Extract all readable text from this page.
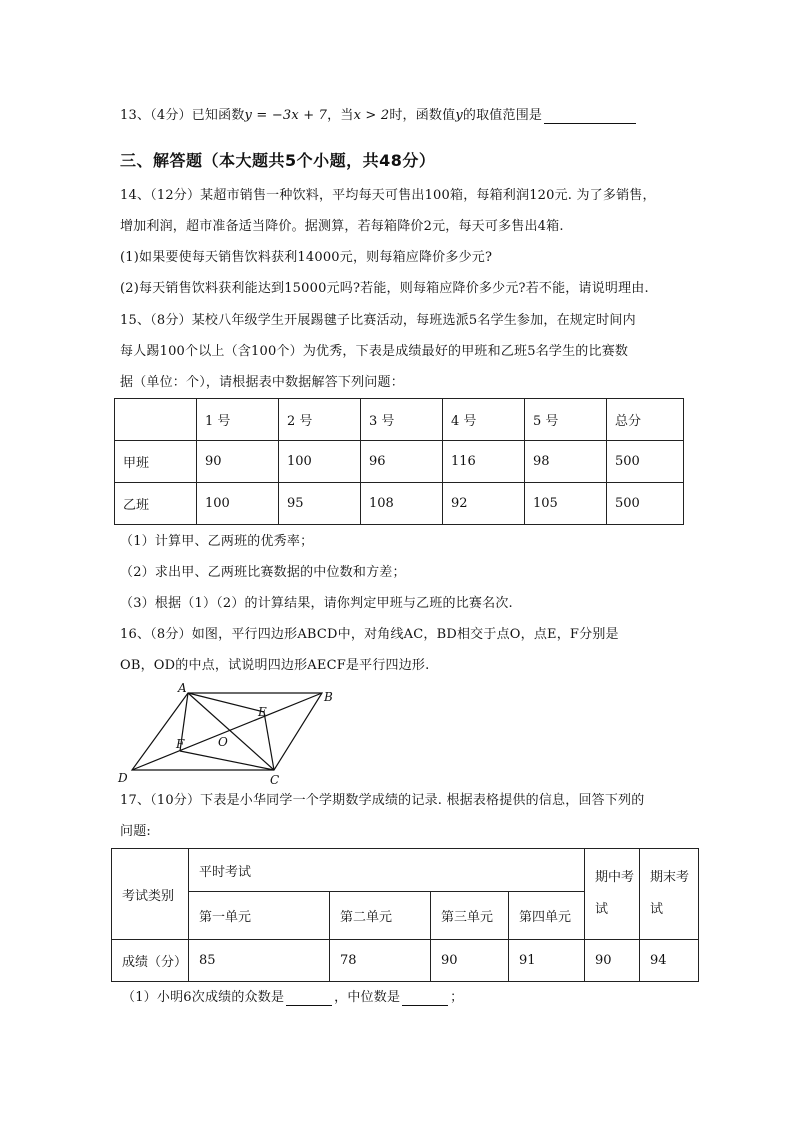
13、（4分）已知函数y = −3x + 7，当x > 2时，函数值y的取值范围是
三、解答题（本大题共5个小题，共48分）
14、（12分）某超市销售一种饮料，平均每天可售出100箱，每箱利润120元. 为了多销售，
增加利润，超市准备适当降价。据测算，若每箱降价2元，每天可多售出4箱.
(1)如果要使每天销售饮料获利14000元，则每箱应降价多少元?
(2)每天销售饮料获利能达到15000元吗?若能，则每箱应降价多少元?若不能，请说明理由.
15、（8分）某校八年级学生开展踢毽子比赛活动，每班选派5名学生参加，在规定时间内
每人踢100个以上（含100个）为优秀，下表是成绩最好的甲班和乙班5名学生的比赛数
据（单位：个），请根据表中数据解答下列问题：
	1 号	2 号	3 号	4 号	5 号	总分
甲班	90	100	96	116	98	500
乙班	100	95	108	92	105	500
（1）计算甲、乙两班的优秀率；
（2）求出甲、乙两班比赛数据的中位数和方差；
（3）根据（1）（2）的计算结果，请你判定甲班与乙班的比赛名次.
16、（8分）如图，平行四边形ABCD中，对角线AC，BD相交于点O，点E，F分别是
OB，OD的中点，试说明四边形AECF是平行四边形.
A
B
C
D
E
F	O
17、（10分）下表是小华同学一个学期数学成绩的记录. 根据表格提供的信息，回答下列的
问题:
考试类别	平时考试				期中考试	期末考试
	第一单元	第二单元	第三单元	第四单元		
成绩（分）	85	78	90	91	90	94
（1）小明6次成绩的众数是	，中位数是	；
